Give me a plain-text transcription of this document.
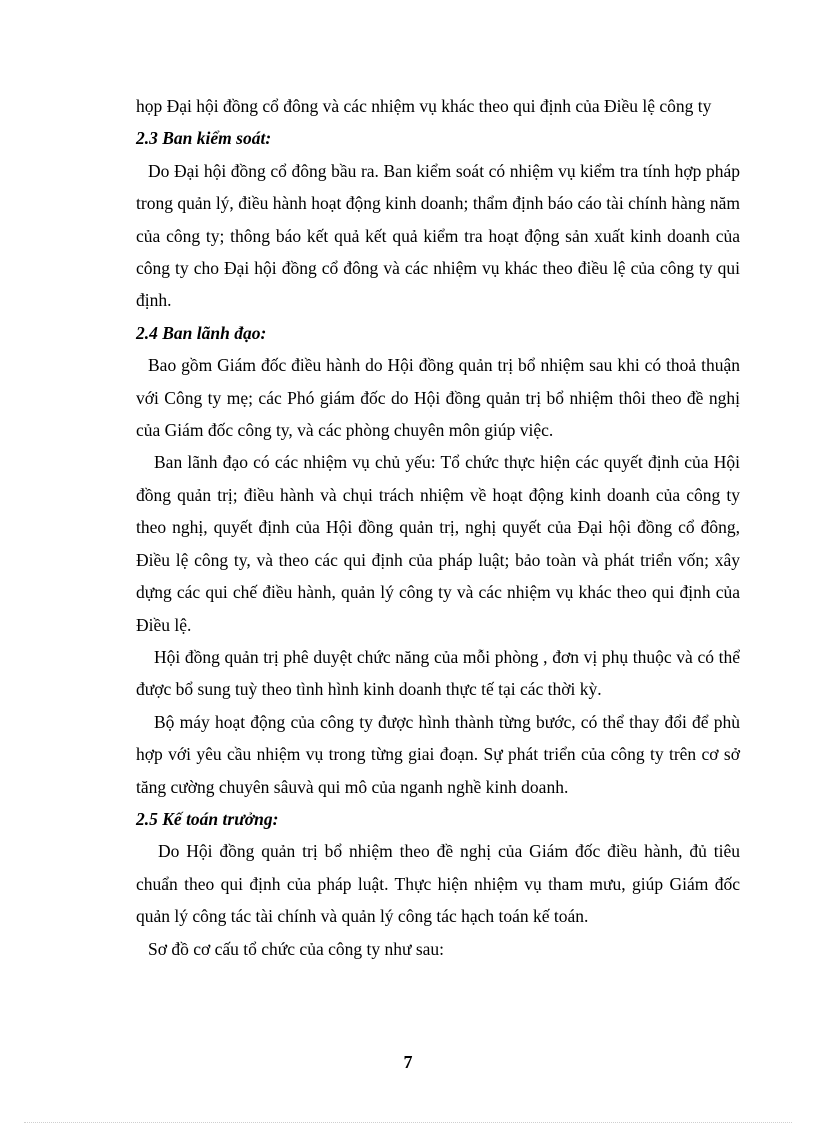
họp Đại hội đồng cổ đông và các nhiệm vụ khác theo qui định của Điều lệ công ty

2.3 Ban kiểm soát:

Do Đại hội đồng cổ đông bầu ra. Ban kiểm soát có nhiệm vụ kiểm tra tính hợp pháp trong quản lý, điều hành hoạt động kinh doanh; thẩm định báo cáo tài chính hàng năm của công ty; thông báo kết quả kết quả kiểm tra hoạt động sản xuất kinh doanh của công ty cho Đại hội đồng cổ đông và các nhiệm vụ khác theo điều lệ của công ty qui định.

2.4 Ban lãnh đạo:

Bao gồm Giám đốc điều hành do Hội đồng quản trị bổ nhiệm sau khi có thoả thuận với Công ty mẹ; các Phó giám đốc do Hội đồng quản trị bổ nhiệm thôi theo đề nghị của Giám đốc công ty, và các phòng chuyên môn giúp việc.

Ban lãnh đạo có các nhiệm vụ chủ yếu: Tổ chức thực hiện các quyết định của Hội đồng quản trị; điều hành và chụi trách nhiệm về hoạt động kinh doanh của công ty theo nghị, quyết định của Hội đồng quản trị, nghị quyết của Đại hội đồng cổ đông, Điều lệ công ty, và theo các qui định của pháp luật; bảo toàn và phát triển vốn; xây dựng các qui chế điều hành, quản lý công ty và các nhiệm vụ khác theo qui định của Điều lệ.

Hội đồng quản trị phê duyệt chức năng của mỗi phòng , đơn vị phụ thuộc và có thể được bổ sung tuỳ theo tình hình kinh doanh thực tế tại các thời kỳ.

Bộ máy hoạt động của công ty được hình thành từng bước, có thể thay đổi để phù hợp với yêu cầu nhiệm vụ trong từng giai đoạn. Sự phát triển của công ty trên cơ sở tăng cường chuyên sâuvà qui mô của nganh nghề kinh doanh.

2.5 Kế toán trưởng:

Do Hội đồng quản trị bổ nhiệm theo đề nghị của Giám đốc điều hành, đủ tiêu chuẩn theo qui định của pháp luật. Thực hiện nhiệm vụ tham mưu, giúp Giám đốc quản lý công tác tài chính và quản lý công tác hạch toán kế toán.

Sơ đồ cơ cấu tổ chức của công ty như sau:

7
